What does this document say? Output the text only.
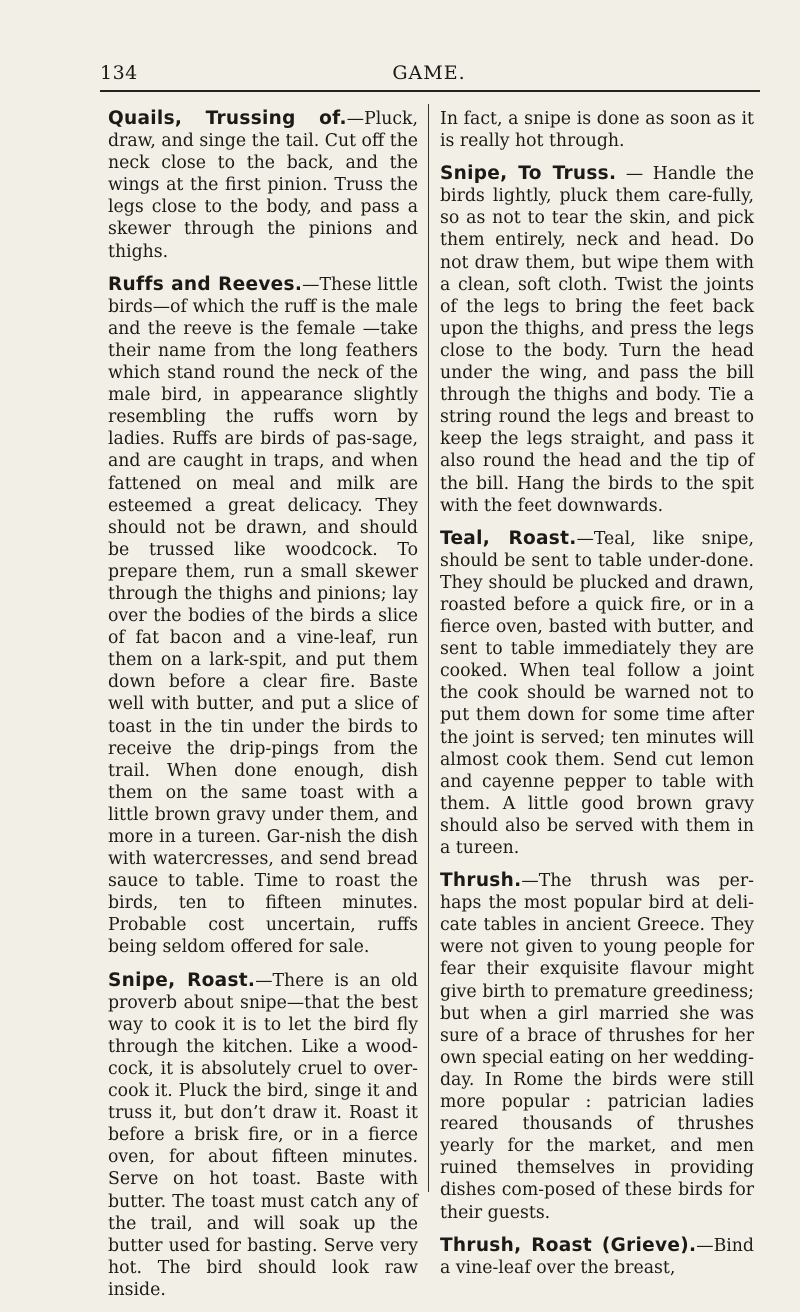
134	GAME.

Quails, Trussing of.—Pluck, draw, and singe the tail. Cut off the neck close to the back, and the wings at the first pinion. Truss the legs close to the body, and pass a skewer through the pinions and thighs.

Ruffs and Reeves.—These little birds—of which the ruff is the male and the reeve is the female —take their name from the long feathers which stand round the neck of the male bird, in appearance slightly resembling the ruffs worn by ladies. Ruffs are birds of pas-sage, and are caught in traps, and when fattened on meal and milk are esteemed a great delicacy. They should not be drawn, and should be trussed like woodcock. To prepare them, run a small skewer through the thighs and pinions; lay over the bodies of the birds a slice of fat bacon and a vine-leaf, run them on a lark-spit, and put them down before a clear fire. Baste well with butter, and put a slice of toast in the tin under the birds to receive the drip-pings from the trail. When done enough, dish them on the same toast with a little brown gravy under them, and more in a tureen. Gar-nish the dish with watercresses, and send bread sauce to table. Time to roast the birds, ten to fifteen minutes. Probable cost uncertain, ruffs being seldom offered for sale.

Snipe, Roast.—There is an old proverb about snipe—that the best way to cook it is to let the bird fly through the kitchen. Like a wood-cock, it is absolutely cruel to over-cook it. Pluck the bird, singe it and truss it, but don’t draw it. Roast it before a brisk fire, or in a fierce oven, for about fifteen minutes. Serve on hot toast. Baste with butter. The toast must catch any of the trail, and will soak up the butter used for basting. Serve very hot. The bird should look raw inside.

In fact, a snipe is done as soon as it is really hot through.

Snipe, To Truss. — Handle the birds lightly, pluck them care-fully, so as not to tear the skin, and pick them entirely, neck and head. Do not draw them, but wipe them with a clean, soft cloth. Twist the joints of the legs to bring the feet back upon the thighs, and press the legs close to the body. Turn the head under the wing, and pass the bill through the thighs and body. Tie a string round the legs and breast to keep the legs straight, and pass it also round the head and the tip of the bill. Hang the birds to the spit with the feet downwards.

Teal, Roast.—Teal, like snipe, should be sent to table under-done. They should be plucked and drawn, roasted before a quick fire, or in a fierce oven, basted with butter, and sent to table immediately they are cooked. When teal follow a joint the cook should be warned not to put them down for some time after the joint is served; ten minutes will almost cook them. Send cut lemon and cayenne pepper to table with them. A little good brown gravy should also be served with them in a tureen.

Thrush.—The thrush was per-haps the most popular bird at deli-cate tables in ancient Greece. They were not given to young people for fear their exquisite flavour might give birth to premature greediness; but when a girl married she was sure of a brace of thrushes for her own special eating on her wedding-day. In Rome the birds were still more popular : patrician ladies reared thousands of thrushes yearly for the market, and men ruined themselves in providing dishes com-posed of these birds for their guests.

Thrush, Roast (Grieve).—Bind a vine-leaf over the breast,
